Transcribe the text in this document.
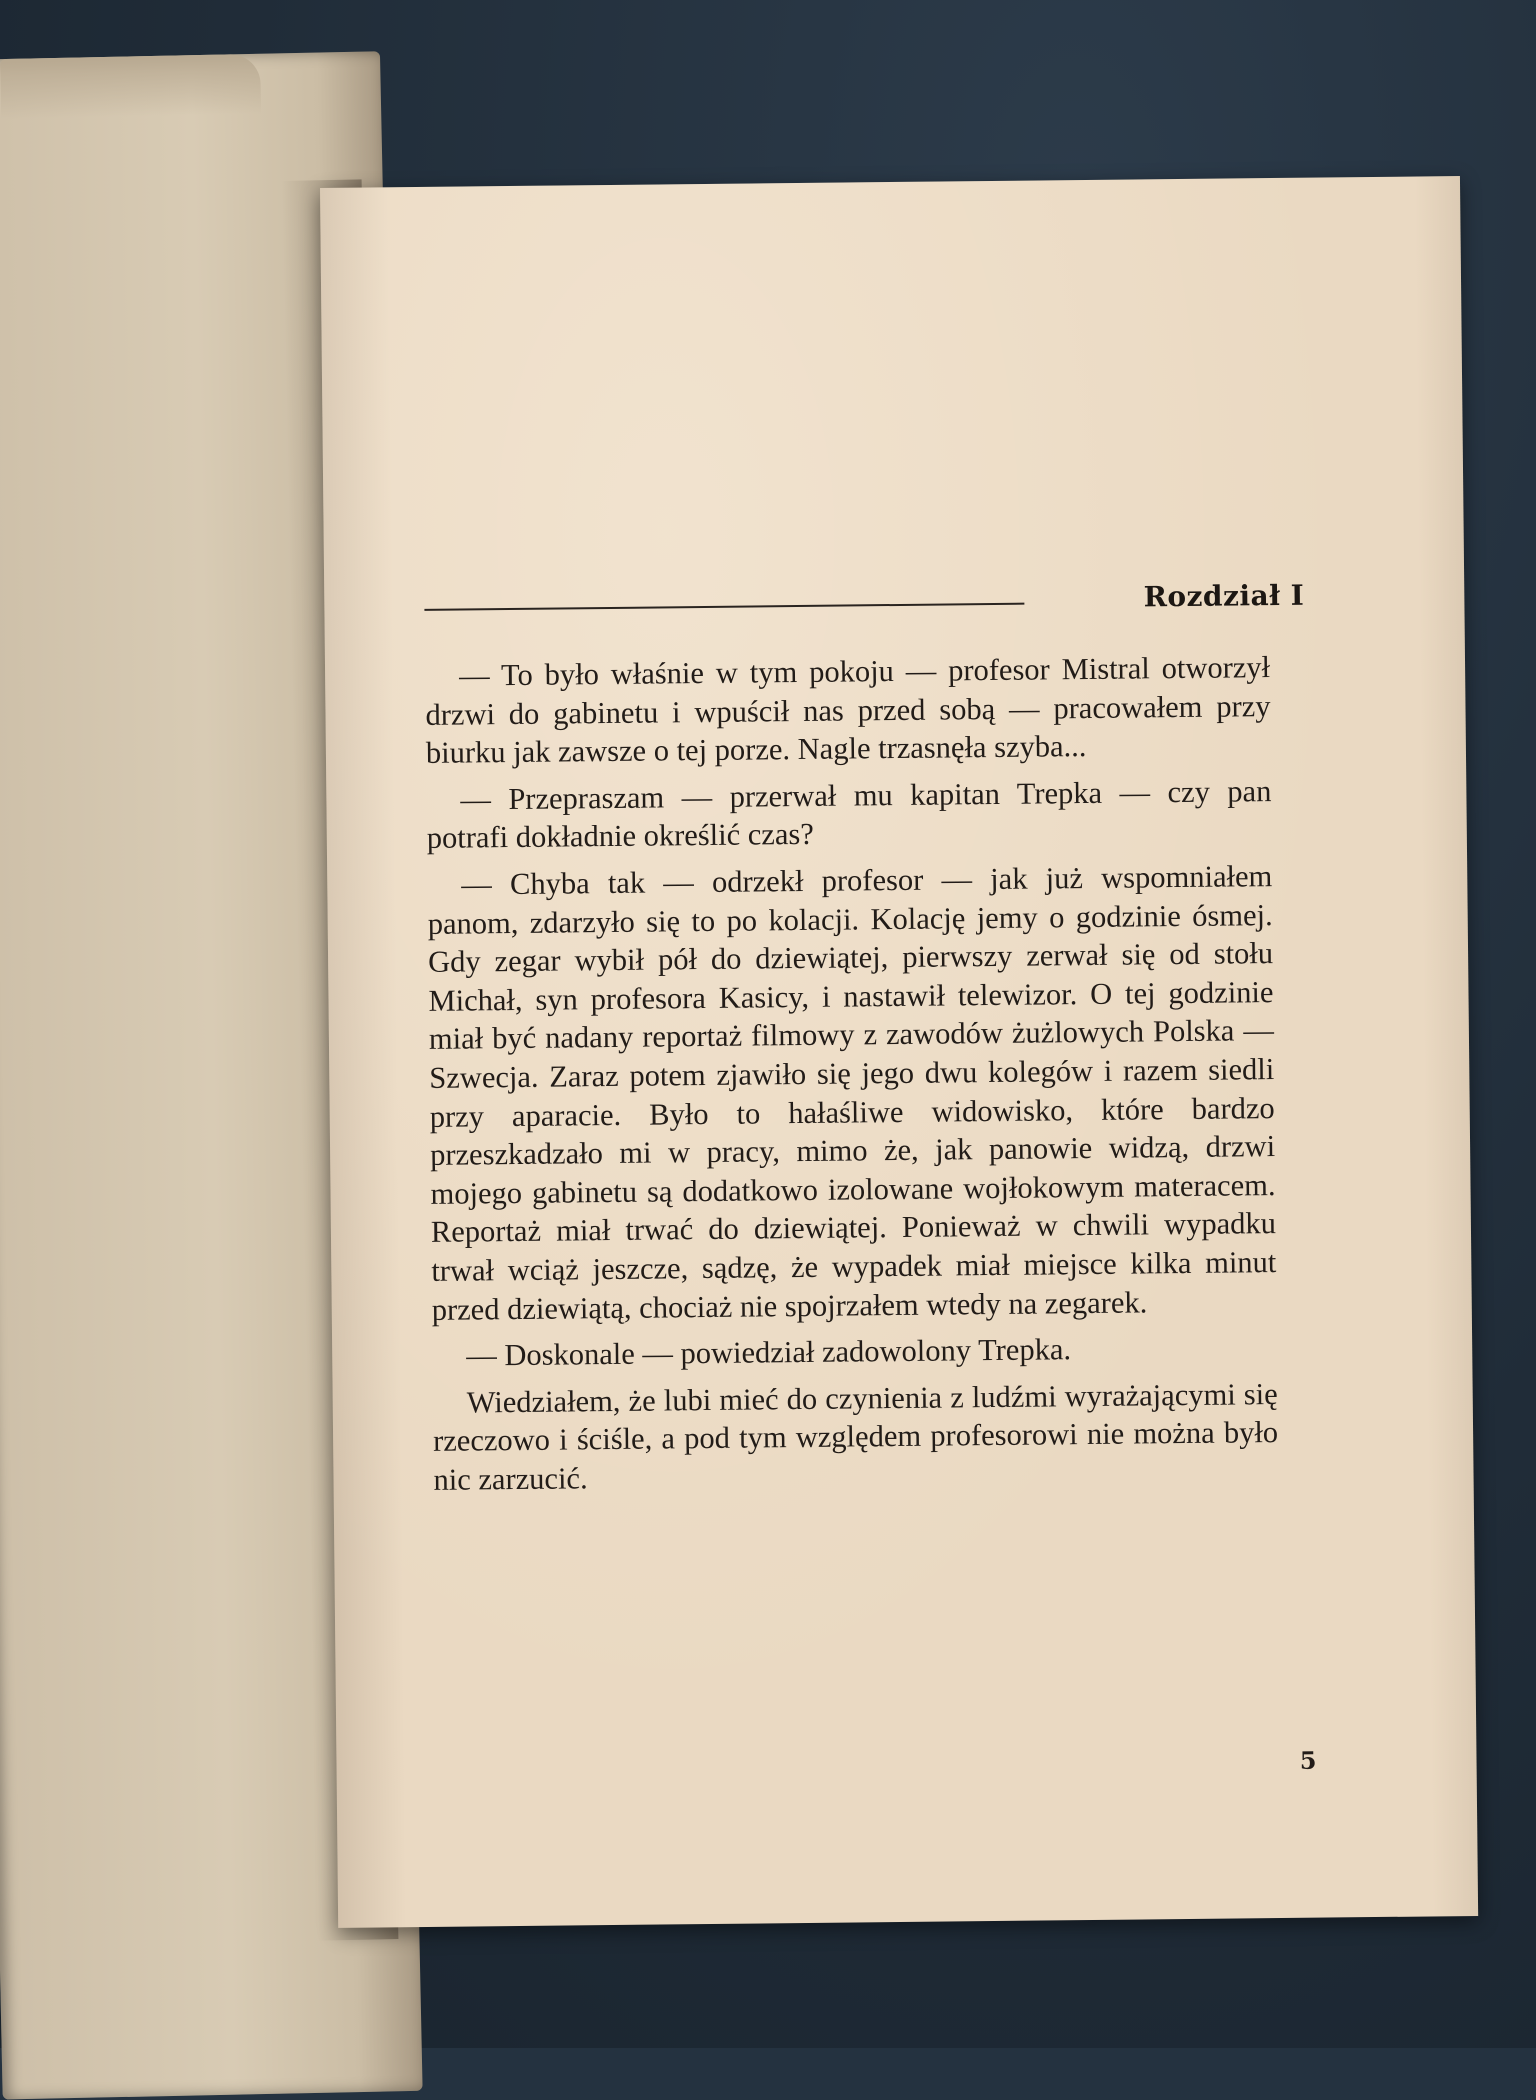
Rozdział I

— To było właśnie w tym pokoju — profesor Mistral otworzył drzwi do gabinetu i wpuścił nas przed sobą — pracowałem przy biurku jak zawsze o tej porze. Nagle trzasnęła szyba...

— Przepraszam — przerwał mu kapitan Trepka — czy pan potrafi dokładnie określić czas?

— Chyba tak — odrzekł profesor — jak już wspomniałem panom, zdarzyło się to po kolacji. Kolację jemy o godzinie ósmej. Gdy zegar wybił pół do dziewiątej, pierwszy zerwał się od stołu Michał, syn profesora Kasicy, i nastawił telewizor. O tej godzinie miał być nadany reportaż filmowy z zawodów żużlowych Polska — Szwecja. Zaraz potem zjawiło się jego dwu kolegów i razem siedli przy aparacie. Było to hałaśliwe widowisko, które bardzo przeszkadzało mi w pracy, mimo że, jak panowie widzą, drzwi mojego gabinetu są dodatkowo izolowane wojłokowym materacem. Reportaż miał trwać do dziewiątej. Ponieważ w chwili wypadku trwał wciąż jeszcze, sądzę, że wypadek miał miejsce kilka minut przed dziewiątą, chociaż nie spojrzałem wtedy na zegarek.

— Doskonale — powiedział zadowolony Trepka.

Wiedziałem, że lubi mieć do czynienia z ludźmi wyrażającymi się rzeczowo i ściśle, a pod tym względem profesorowi nie można było nic zarzucić.

5
